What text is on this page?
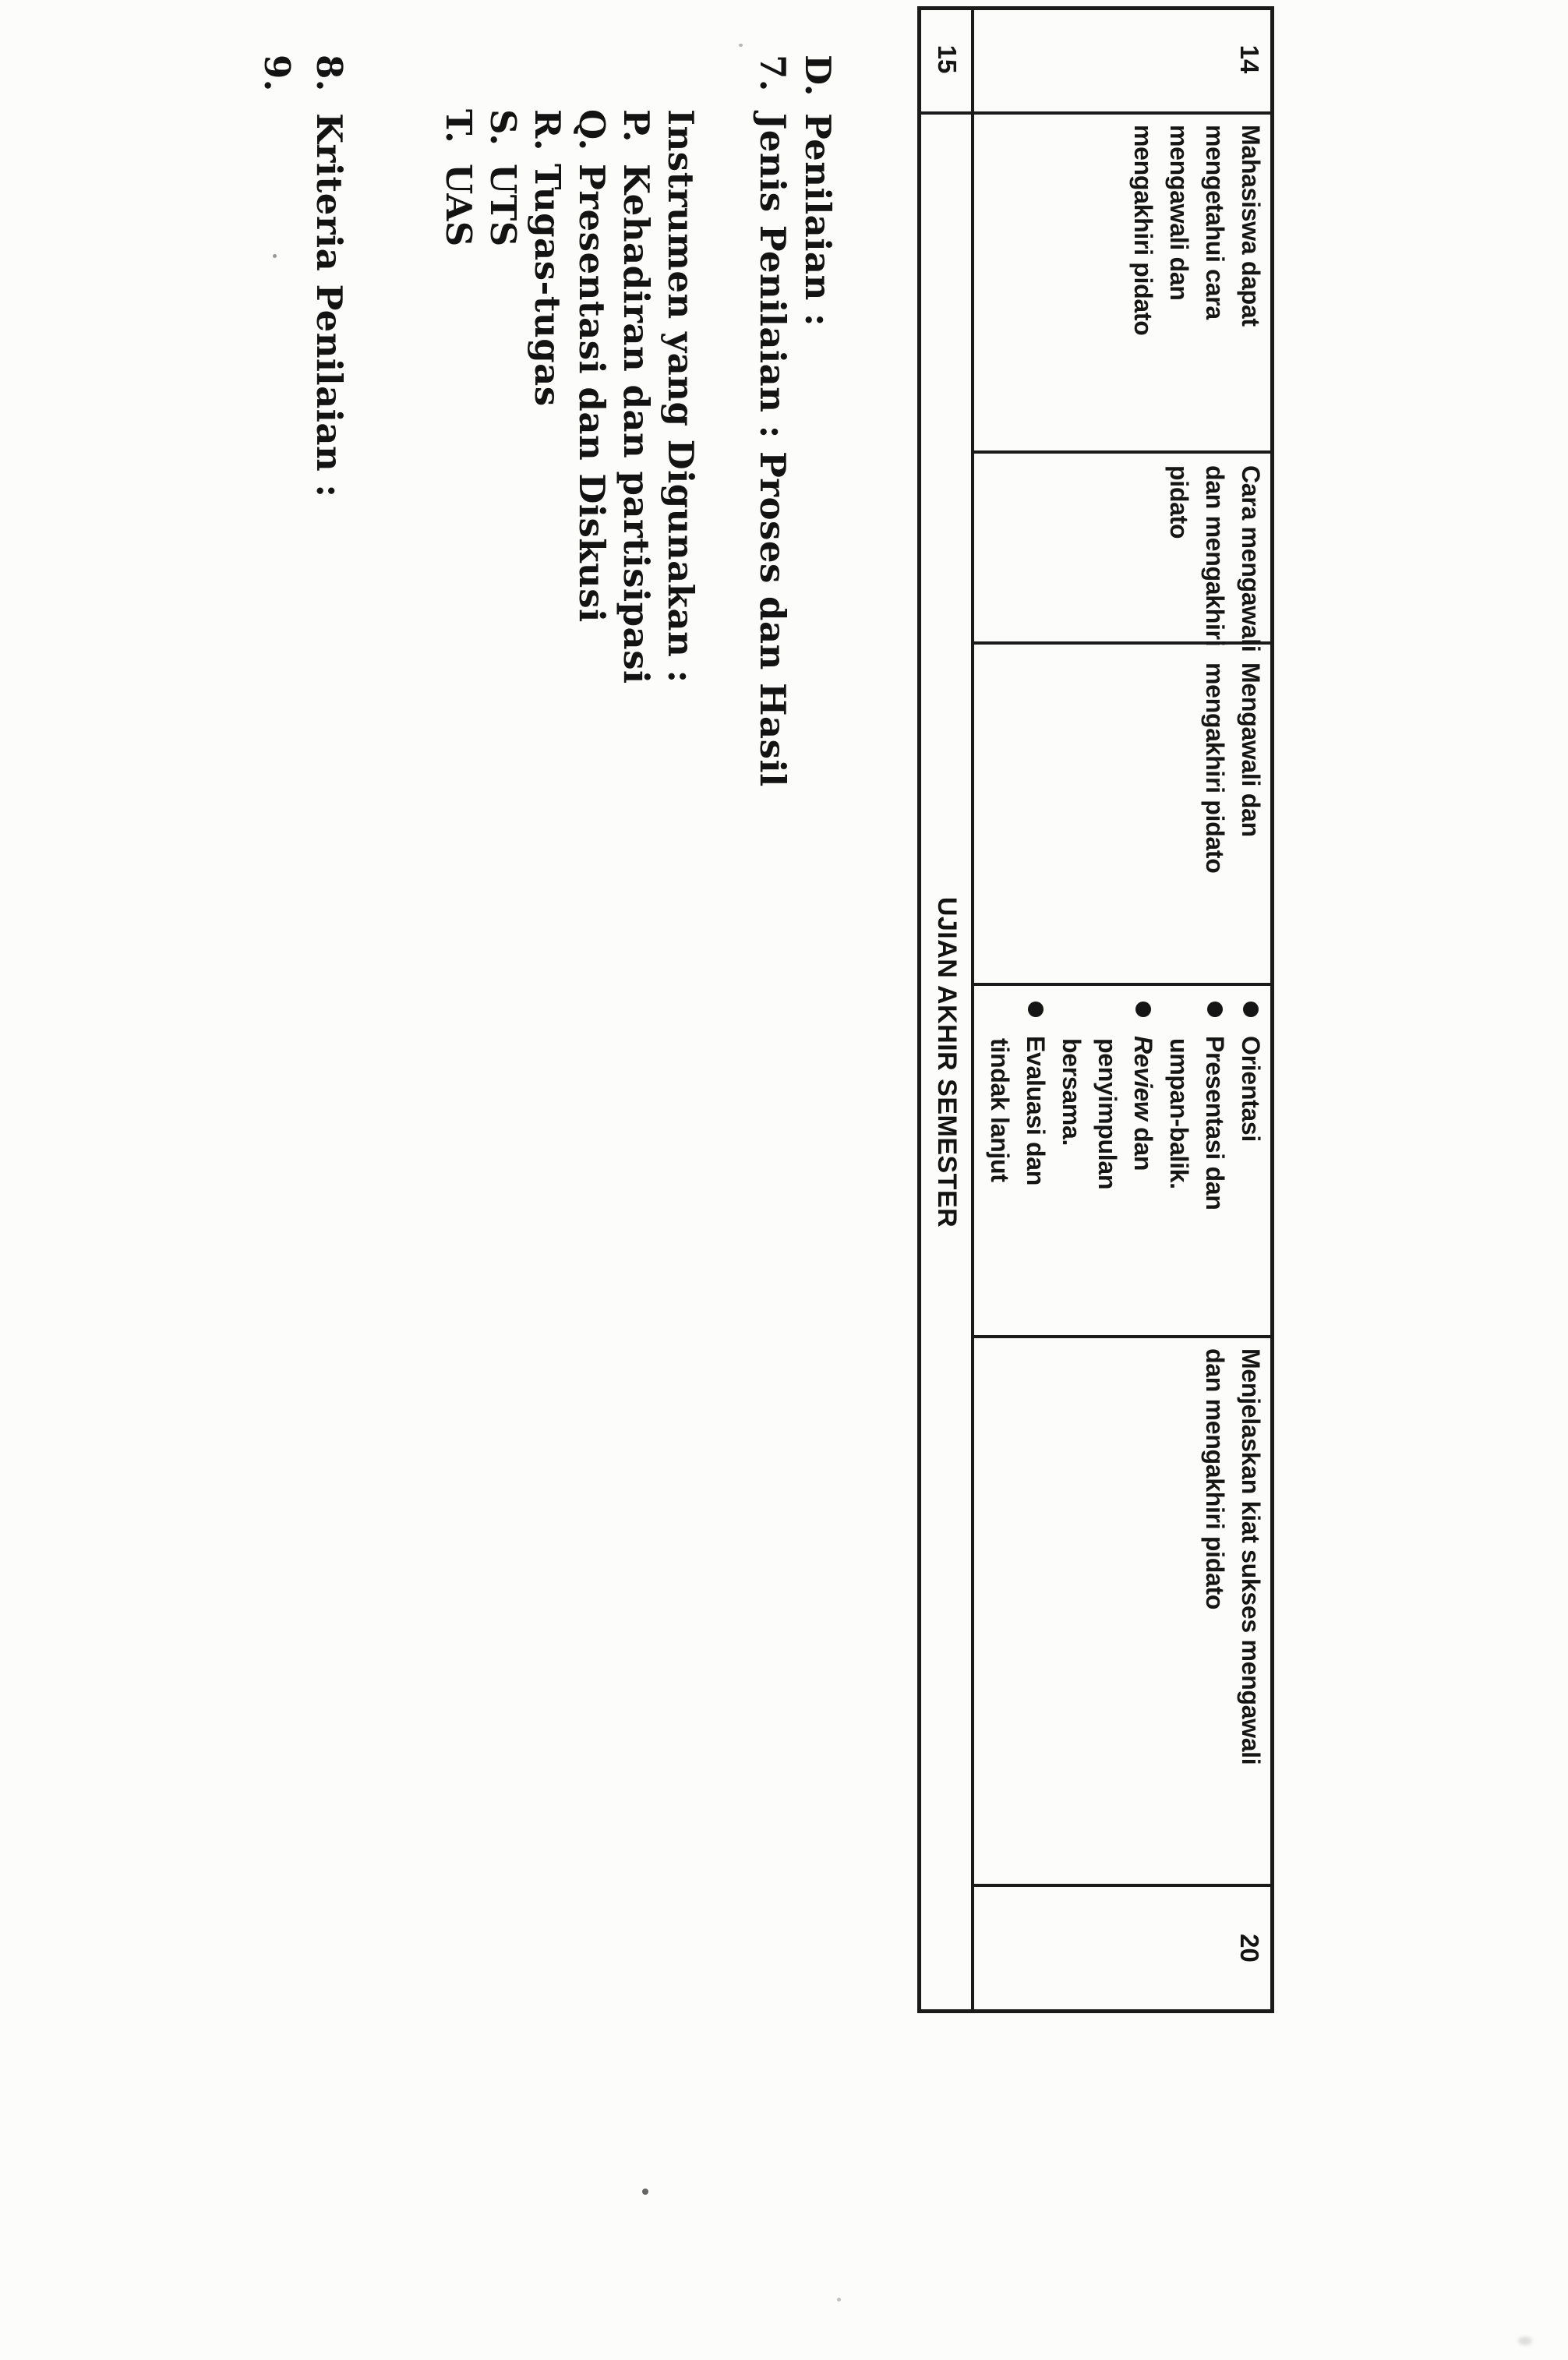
14
Mahasiswa dapat
mengetahui cara
mengawali dan
mengakhiri pidato
Cara mengawali
dan mengakhiri
pidato
Mengawali dan
mengakhiri pidato
Orientasi
Presentasi dan
umpan-balik.
Review dan
penyimpulan
bersama.
Evaluasi dan
tindak lanjut
Menjelaskan kiat sukses mengawali
dan mengakhiri pidato
20
15
UJIAN AKHIR SEMESTER
D.Penilaian :
7.Jenis Penilaian : Proses dan Hasil
Instrumen yang Digunakan :
P.Kehadiran dan partisipasi
Q.Presentasi dan Diskusi
R.Tugas-tugas
S.UTS
T.UAS
8.Kriteria Penilaian :
9.
